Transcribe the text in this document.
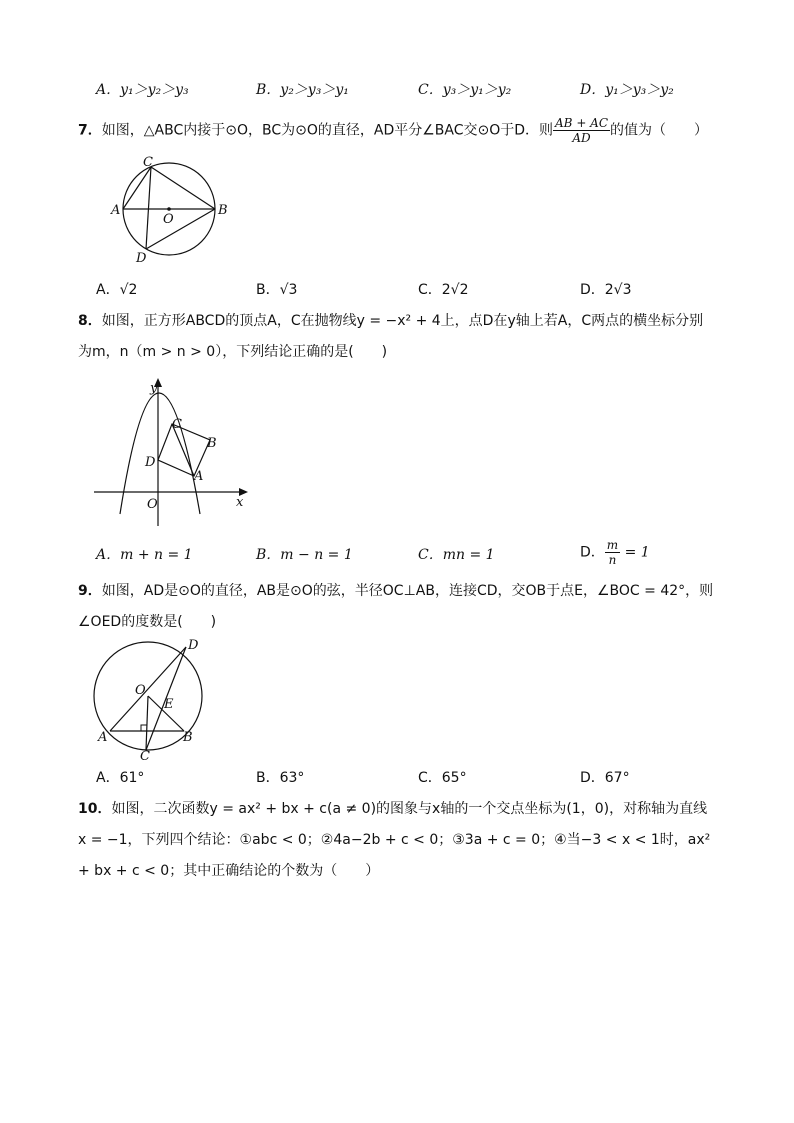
A．y₁＞y₂＞y₃	B．y₂＞y₃＞y₁	C．y₃＞y₁＞y₂	D．y₁＞y₃＞y₂
7．如图，△ABC内接于⊙O，BC为⊙O的直径，AD平分∠BAC交⊙O于D．则 $\frac{AB + AC}{AD}$ 的值为（　　）
C
A	B
O
D
A．√2	B．√3	C．2√2	D．2√3
8．如图，正方形ABCD的顶点A，C在抛物线y = −x² + 4上，点D在y轴上若A，C两点的横坐标分别
为m，n（m > n > 0），下列结论正确的是(　　)
y
x
O
C
B
A
D
A．m + n = 1	B．m − n = 1	C．mn = 1	D． $\frac{m}{n} = 1$
9．如图，AD是⊙O的直径，AB是⊙O的弦，半径OC⊥AB，连接CD，交OB于点E，∠BOC = 42°，则
∠OED的度数是(　　)
O
D
E
A	B
C
A．61°	B．63°	C．65°	D．67°
10．如图，二次函数y = ax² + bx + c(a ≠ 0)的图象与x轴的一个交点坐标为(1，0)，对称轴为直线
x = −1，下列四个结论：①abc < 0；②4a−2b + c < 0；③3a + c = 0；④当−3 < x < 1时，ax²
+ bx + c < 0；其中正确结论的个数为（　　）
